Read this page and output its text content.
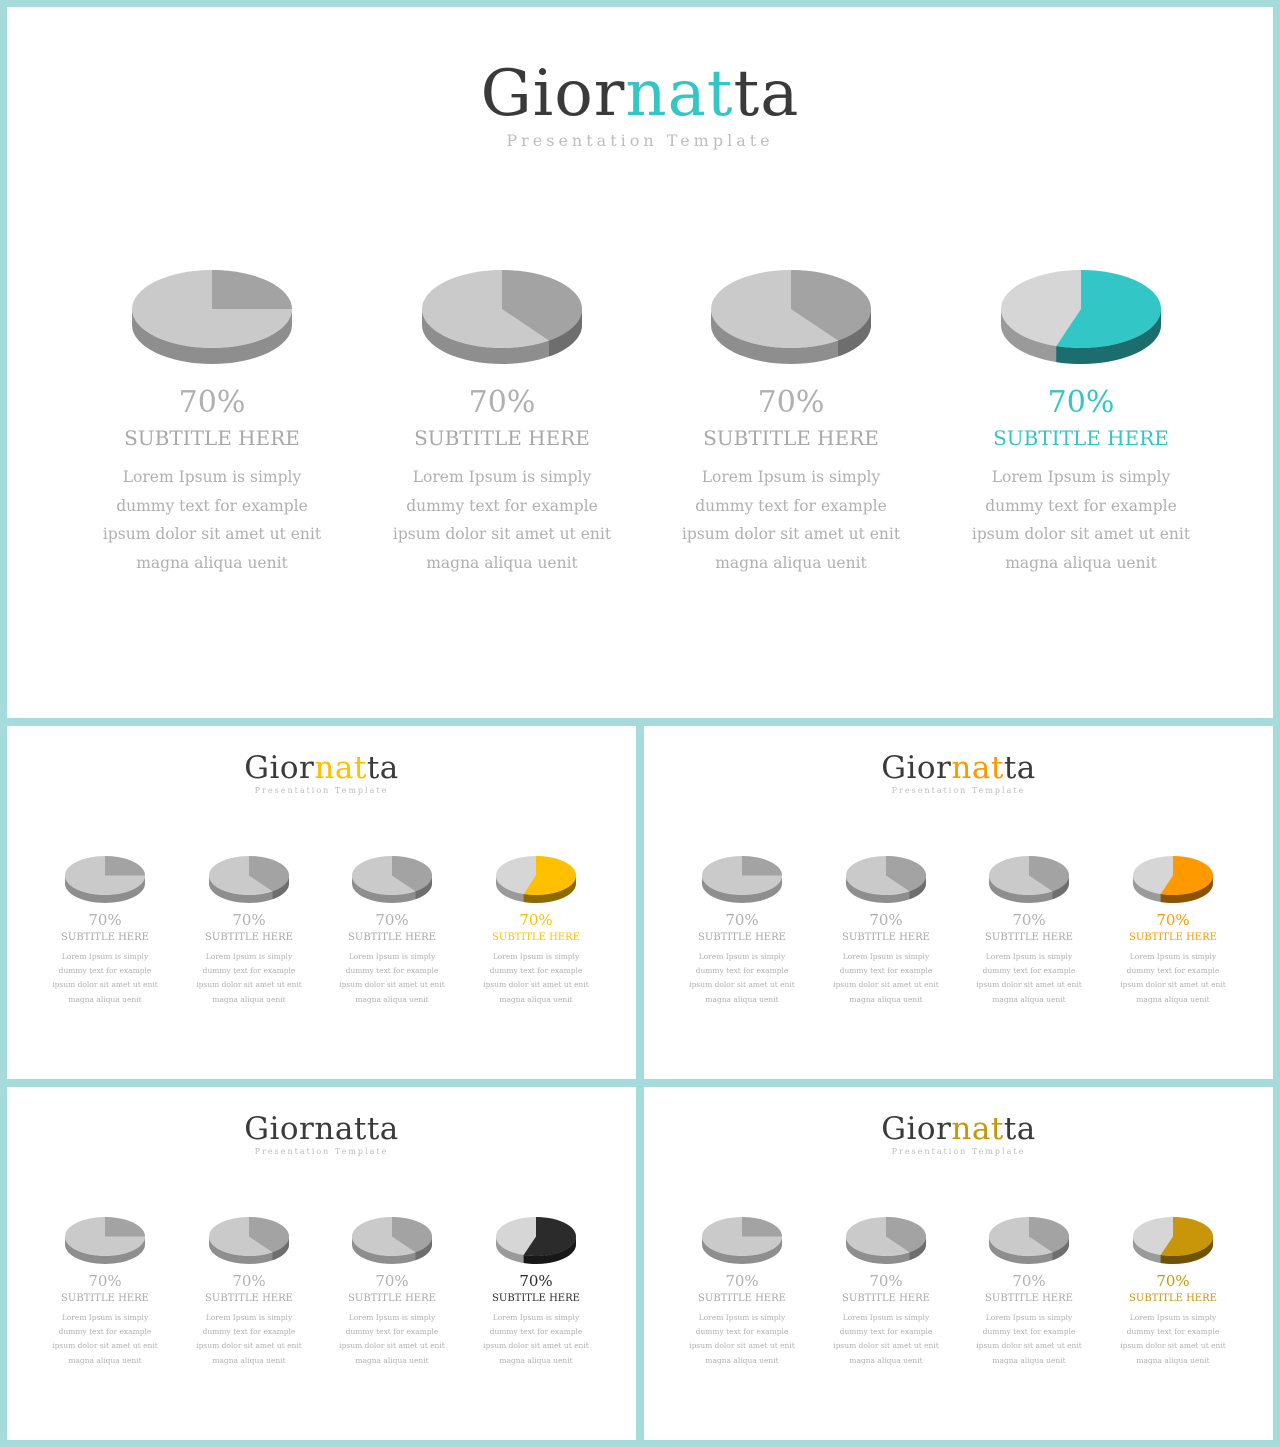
Giornatta
Presentation Template
70%
SUBTITLE HERE
Lorem Ipsum is simply
dummy text for example
ipsum dolor sit amet ut enit
magna aliqua uenit
70%
SUBTITLE HERE
Lorem Ipsum is simply
dummy text for example
ipsum dolor sit amet ut enit
magna aliqua uenit
70%
SUBTITLE HERE
Lorem Ipsum is simply
dummy text for example
ipsum dolor sit amet ut enit
magna aliqua uenit
70%
SUBTITLE HERE
Lorem Ipsum is simply
dummy text for example
ipsum dolor sit amet ut enit
magna aliqua uenit
Giornatta
Presentation Template
70%
SUBTITLE HERE
Lorem Ipsum is simply
dummy text for example
ipsum dolor sit amet ut enit
magna aliqua uenit
70%
SUBTITLE HERE
Lorem Ipsum is simply
dummy text for example
ipsum dolor sit amet ut enit
magna aliqua uenit
70%
SUBTITLE HERE
Lorem Ipsum is simply
dummy text for example
ipsum dolor sit amet ut enit
magna aliqua uenit
70%
SUBTITLE HERE
Lorem Ipsum is simply
dummy text for example
ipsum dolor sit amet ut enit
magna aliqua uenit
Giornatta
Presentation Template
70%
SUBTITLE HERE
Lorem Ipsum is simply
dummy text for example
ipsum dolor sit amet ut enit
magna aliqua uenit
70%
SUBTITLE HERE
Lorem Ipsum is simply
dummy text for example
ipsum dolor sit amet ut enit
magna aliqua uenit
70%
SUBTITLE HERE
Lorem Ipsum is simply
dummy text for example
ipsum dolor sit amet ut enit
magna aliqua uenit
70%
SUBTITLE HERE
Lorem Ipsum is simply
dummy text for example
ipsum dolor sit amet ut enit
magna aliqua uenit
Giornatta
Presentation Template
70%
SUBTITLE HERE
Lorem Ipsum is simply
dummy text for example
ipsum dolor sit amet ut enit
magna aliqua uenit
70%
SUBTITLE HERE
Lorem Ipsum is simply
dummy text for example
ipsum dolor sit amet ut enit
magna aliqua uenit
70%
SUBTITLE HERE
Lorem Ipsum is simply
dummy text for example
ipsum dolor sit amet ut enit
magna aliqua uenit
70%
SUBTITLE HERE
Lorem Ipsum is simply
dummy text for example
ipsum dolor sit amet ut enit
magna aliqua uenit
Giornatta
Presentation Template
70%
SUBTITLE HERE
Lorem Ipsum is simply
dummy text for example
ipsum dolor sit amet ut enit
magna aliqua uenit
70%
SUBTITLE HERE
Lorem Ipsum is simply
dummy text for example
ipsum dolor sit amet ut enit
magna aliqua uenit
70%
SUBTITLE HERE
Lorem Ipsum is simply
dummy text for example
ipsum dolor sit amet ut enit
magna aliqua uenit
70%
SUBTITLE HERE
Lorem Ipsum is simply
dummy text for example
ipsum dolor sit amet ut enit
magna aliqua uenit
